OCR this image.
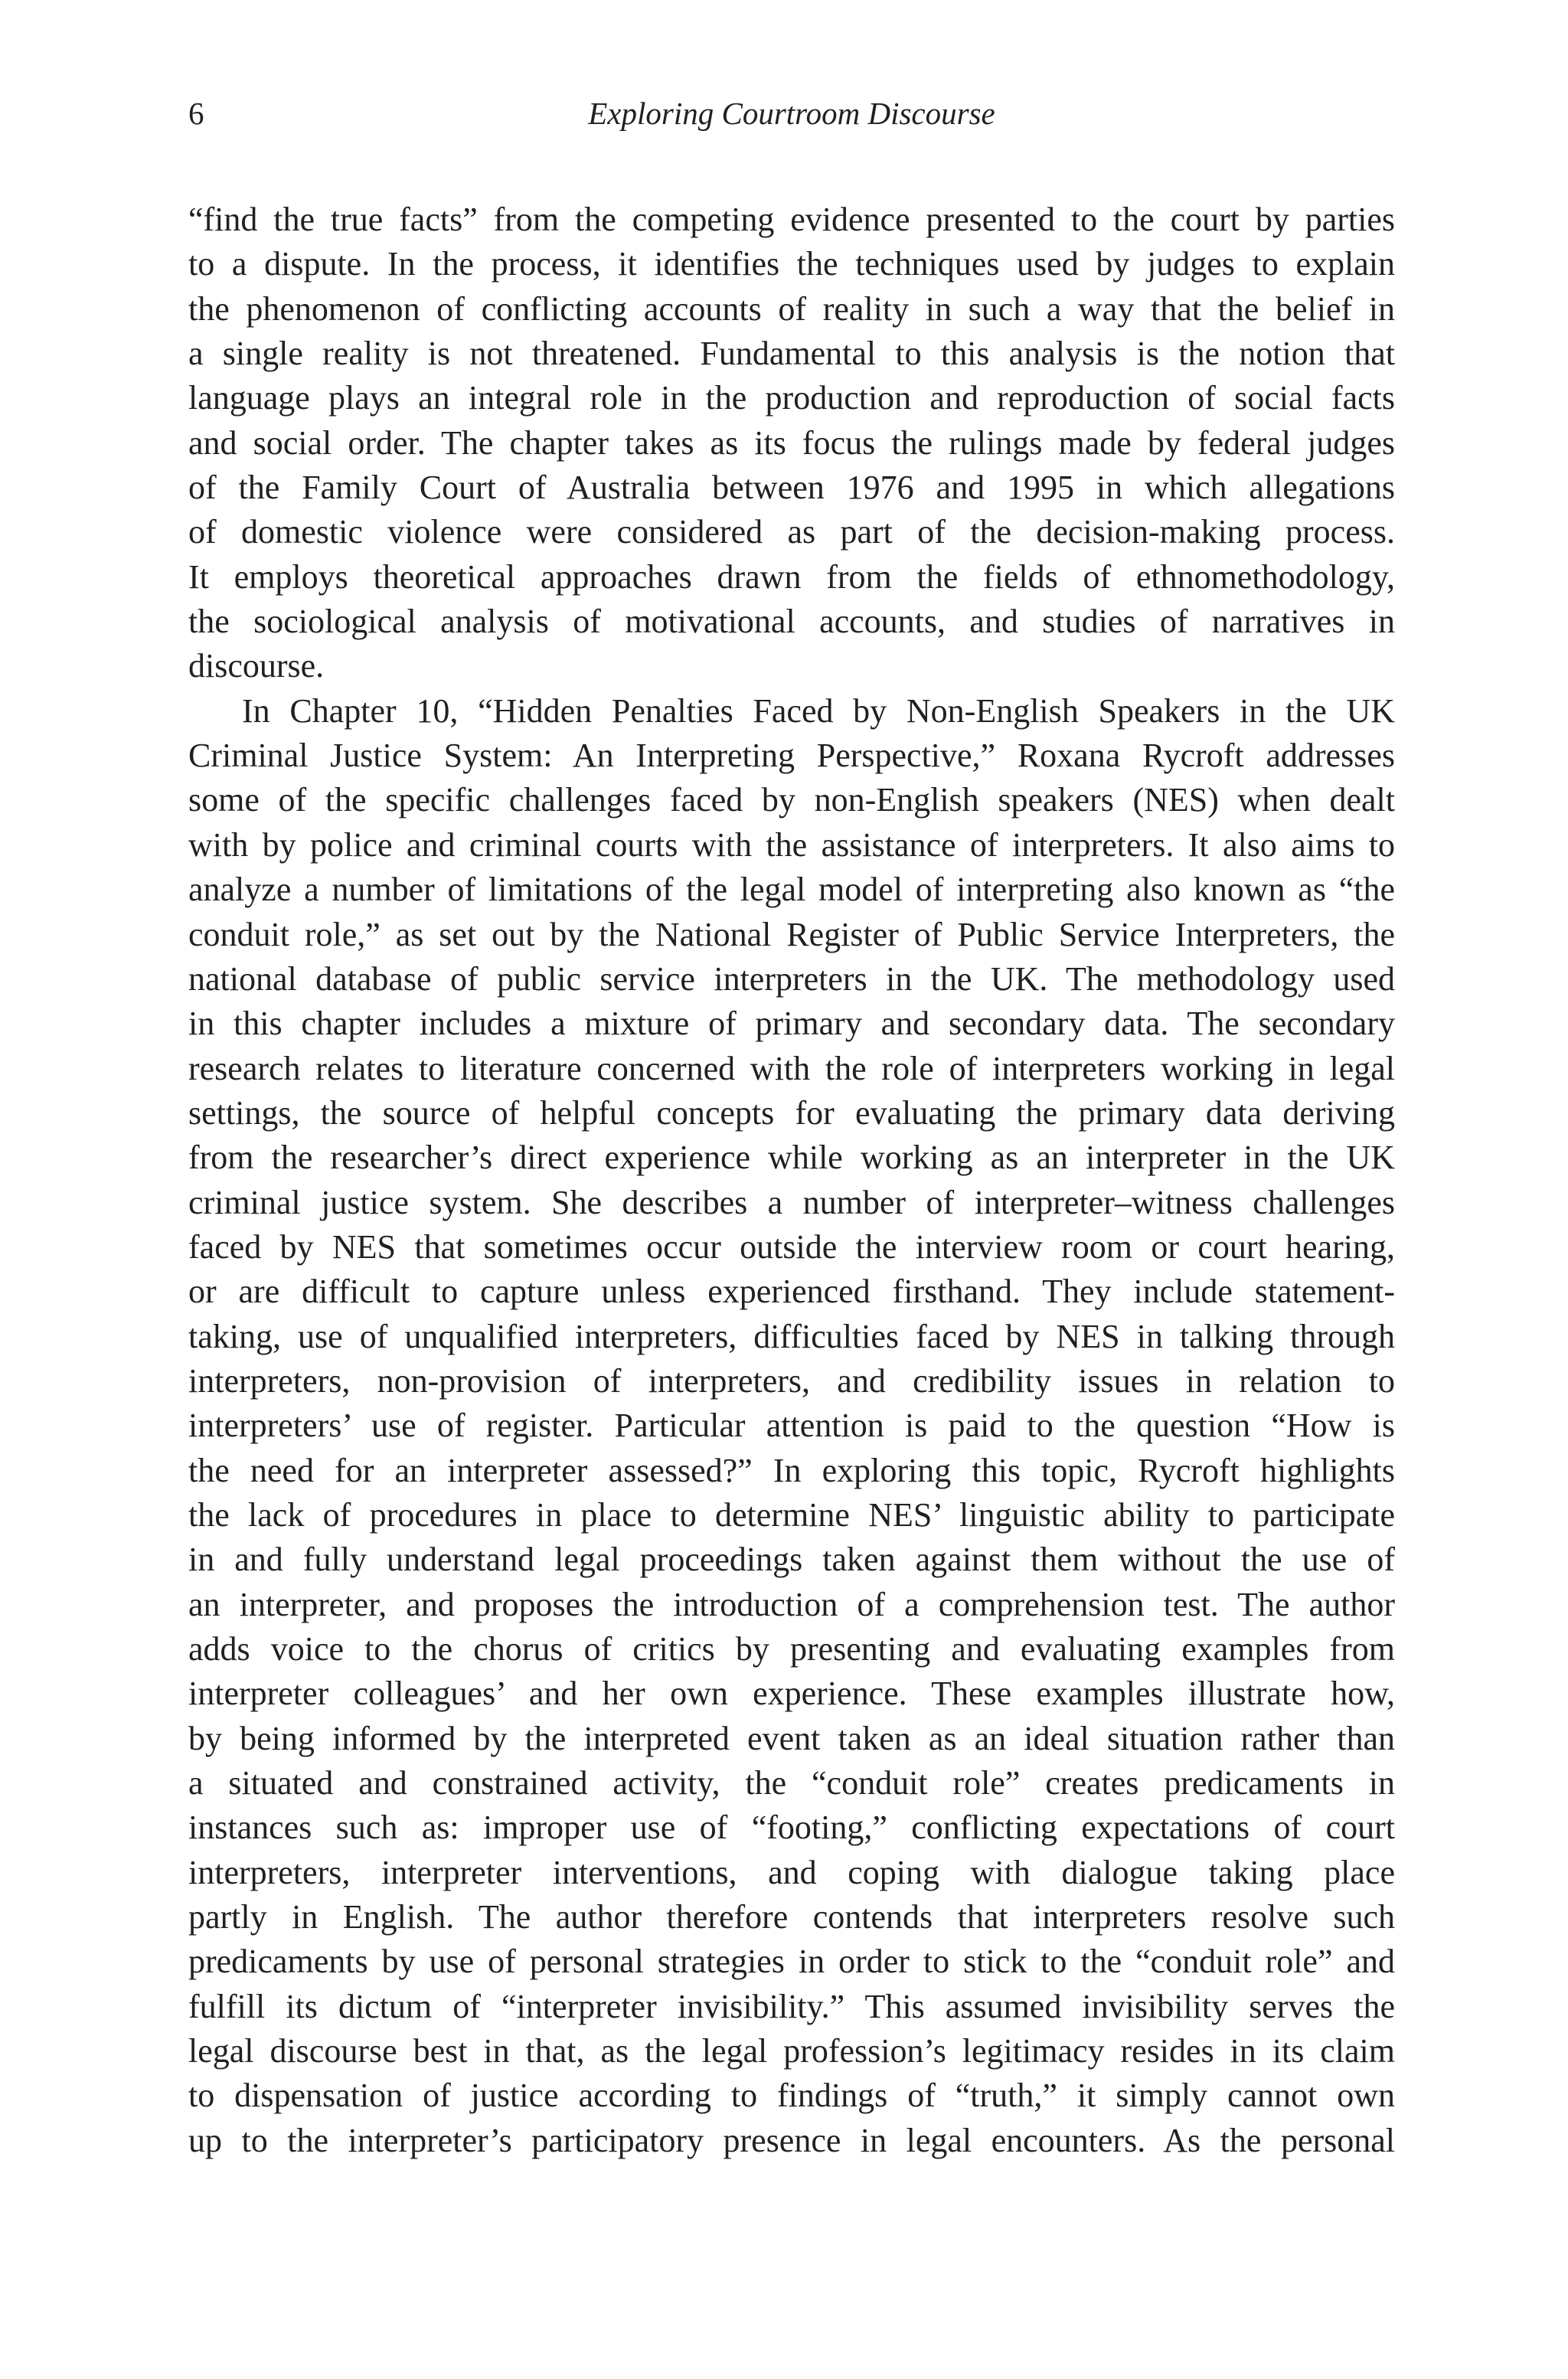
6	Exploring Courtroom Discourse
“find the true facts” from the competing evidence presented to the court by parties
to a dispute. In the process, it identifies the techniques used by judges to explain
the phenomenon of conflicting accounts of reality in such a way that the belief in
a single reality is not threatened. Fundamental to this analysis is the notion that
language plays an integral role in the production and reproduction of social facts
and social order. The chapter takes as its focus the rulings made by federal judges
of the Family Court of Australia between 1976 and 1995 in which allegations
of domestic violence were considered as part of the decision-making process.
It employs theoretical approaches drawn from the fields of ethnomethodology,
the sociological analysis of motivational accounts, and studies of narratives in
discourse.
In Chapter 10, “Hidden Penalties Faced by Non-English Speakers in the UK
Criminal Justice System: An Interpreting Perspective,” Roxana Rycroft addresses
some of the specific challenges faced by non-English speakers (NES) when dealt
with by police and criminal courts with the assistance of interpreters. It also aims to
analyze a number of limitations of the legal model of interpreting also known as “the
conduit role,” as set out by the National Register of Public Service Interpreters, the
national database of public service interpreters in the UK. The methodology used
in this chapter includes a mixture of primary and secondary data. The secondary
research relates to literature concerned with the role of interpreters working in legal
settings, the source of helpful concepts for evaluating the primary data deriving
from the researcher’s direct experience while working as an interpreter in the UK
criminal justice system. She describes a number of interpreter–witness challenges
faced by NES that sometimes occur outside the interview room or court hearing,
or are difficult to capture unless experienced firsthand. They include statement-
taking, use of unqualified interpreters, difficulties faced by NES in talking through
interpreters, non-provision of interpreters, and credibility issues in relation to
interpreters’ use of register. Particular attention is paid to the question “How is
the need for an interpreter assessed?” In exploring this topic, Rycroft highlights
the lack of procedures in place to determine NES’ linguistic ability to participate
in and fully understand legal proceedings taken against them without the use of
an interpreter, and proposes the introduction of a comprehension test. The author
adds voice to the chorus of critics by presenting and evaluating examples from
interpreter colleagues’ and her own experience. These examples illustrate how,
by being informed by the interpreted event taken as an ideal situation rather than
a situated and constrained activity, the “conduit role” creates predicaments in
instances such as: improper use of “footing,” conflicting expectations of court
interpreters, interpreter interventions, and coping with dialogue taking place
partly in English. The author therefore contends that interpreters resolve such
predicaments by use of personal strategies in order to stick to the “conduit role” and
fulfill its dictum of “interpreter invisibility.” This assumed invisibility serves the
legal discourse best in that, as the legal profession’s legitimacy resides in its claim
to dispensation of justice according to findings of “truth,” it simply cannot own
up to the interpreter’s participatory presence in legal encounters. As the personal
